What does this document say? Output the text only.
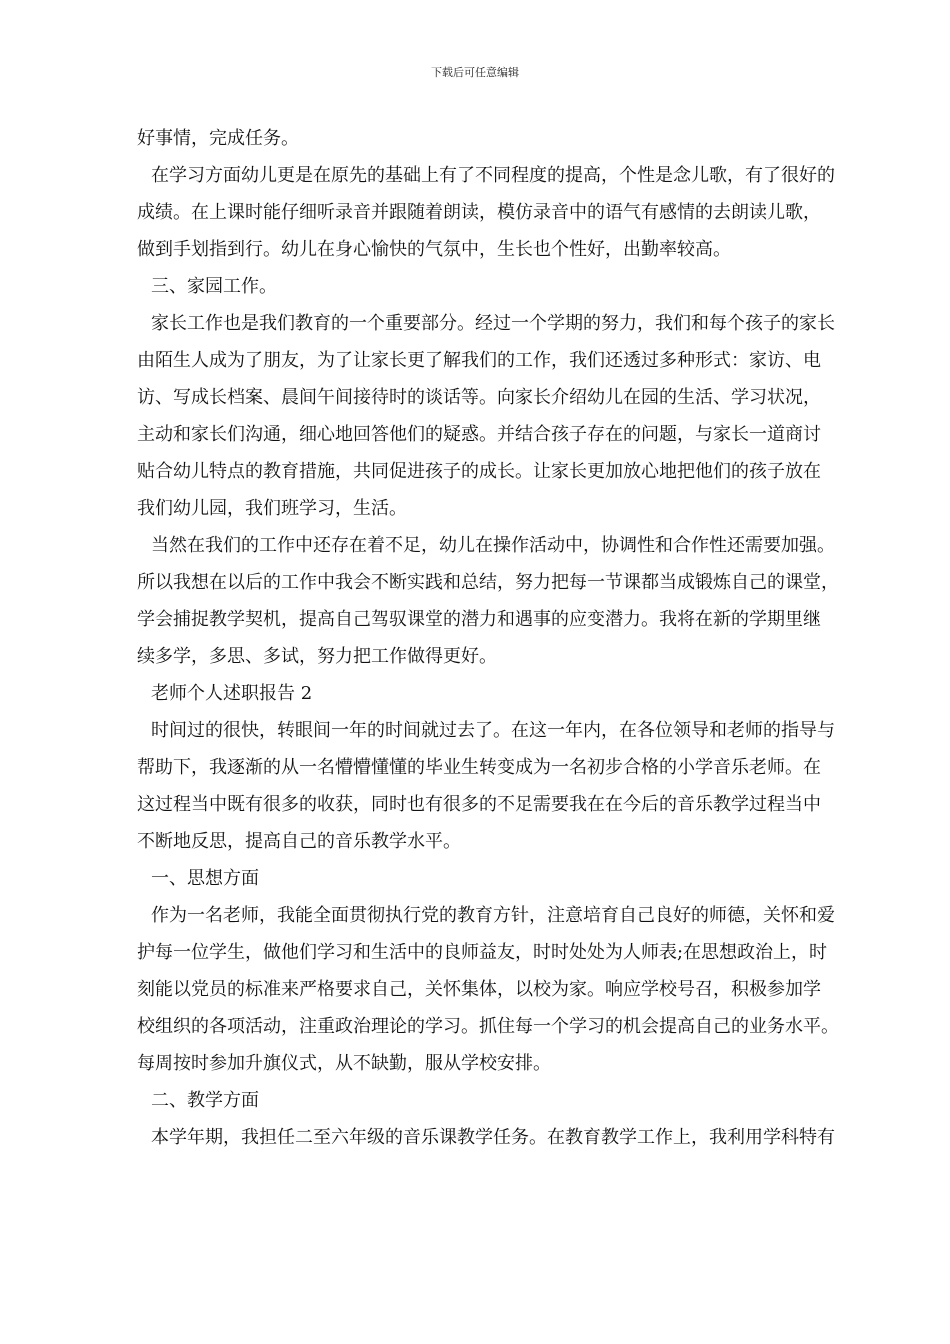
下载后可任意编辑
好事情，完成任务。
在学习方面幼儿更是在原先的基础上有了不同程度的提高，个性是念儿歌，有了很好的
成绩。在上课时能仔细听录音并跟随着朗读，模仿录音中的语气有感情的去朗读儿歌，
做到手划指到行。幼儿在身心愉快的气氛中，生长也个性好，出勤率较高。
三、家园工作。
家长工作也是我们教育的一个重要部分。经过一个学期的努力，我们和每个孩子的家长
由陌生人成为了朋友，为了让家长更了解我们的工作，我们还透过多种形式：家访、电
访、写成长档案、晨间午间接待时的谈话等。向家长介绍幼儿在园的生活、学习状况，
主动和家长们沟通，细心地回答他们的疑惑。并结合孩子存在的问题，与家长一道商讨
贴合幼儿特点的教育措施，共同促进孩子的成长。让家长更加放心地把他们的孩子放在
我们幼儿园，我们班学习，生活。
当然在我们的工作中还存在着不足，幼儿在操作活动中，协调性和合作性还需要加强。
所以我想在以后的工作中我会不断实践和总结，努力把每一节课都当成锻炼自己的课堂，
学会捕捉教学契机，提高自己驾驭课堂的潜力和遇事的应变潜力。我将在新的学期里继
续多学，多思、多试，努力把工作做得更好。
老师个人述职报告 2
时间过的很快，转眼间一年的时间就过去了。在这一年内，在各位领导和老师的指导与
帮助下，我逐渐的从一名懵懵懂懂的毕业生转变成为一名初步合格的小学音乐老师。在
这过程当中既有很多的收获，同时也有很多的不足需要我在在今后的音乐教学过程当中
不断地反思，提高自己的音乐教学水平。
一、思想方面
作为一名老师，我能全面贯彻执行党的教育方针，注意培育自己良好的师德，关怀和爱
护每一位学生，做他们学习和生活中的良师益友，时时处处为人师表;在思想政治上，时
刻能以党员的标准来严格要求自己，关怀集体，以校为家。响应学校号召，积极参加学
校组织的各项活动，注重政治理论的学习。抓住每一个学习的机会提高自己的业务水平。
每周按时参加升旗仪式，从不缺勤，服从学校安排。
二、教学方面
本学年期，我担任二至六年级的音乐课教学任务。在教育教学工作上，我利用学科特有
